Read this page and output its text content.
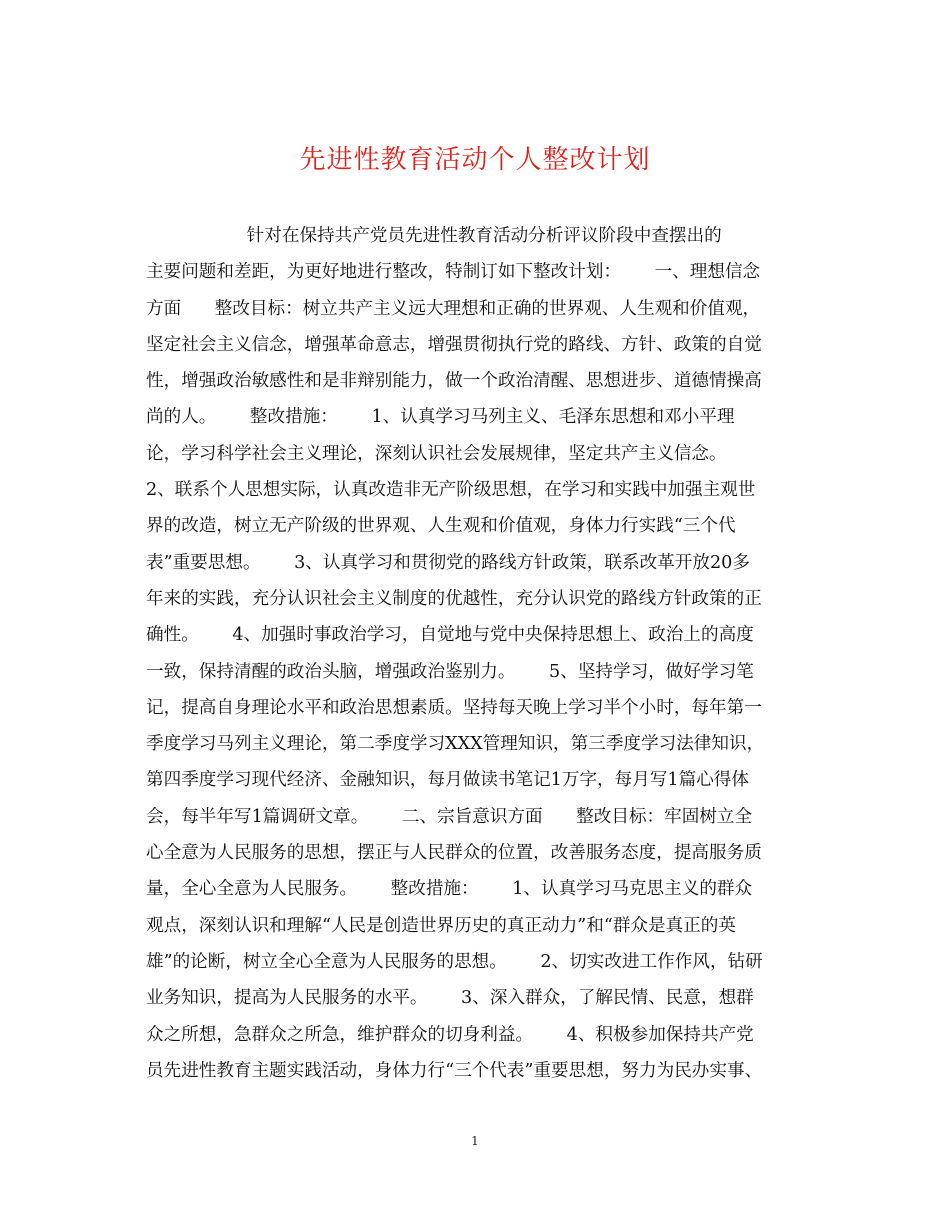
先进性教育活动个人整改计划
针对在保持共产党员先进性教育活动分析评议阶段中查摆出的
主要问题和差距，为更好地进行整改，特制订如下整改计划：      一、理想信念
方面      整改目标：树立共产主义远大理想和正确的世界观、人生观和价值观，
坚定社会主义信念，增强革命意志，增强贯彻执行党的路线、方针、政策的自觉
性，增强政治敏感性和是非辩别能力，做一个政治清醒、思想进步、道德情操高
尚的人。      整改措施：      1、认真学习马列主义、毛泽东思想和邓小平理
论，学习科学社会主义理论，深刻认识社会发展规律，坚定共产主义信念。
2、联系个人思想实际，认真改造非无产阶级思想，在学习和实践中加强主观世
界的改造，树立无产阶级的世界观、人生观和价值观，身体力行实践“三个代
表”重要思想。      3、认真学习和贯彻党的路线方针政策，联系改革开放20多
年来的实践，充分认识社会主义制度的优越性，充分认识党的路线方针政策的正
确性。      4、加强时事政治学习，自觉地与党中央保持思想上、政治上的高度
一致，保持清醒的政治头脑，增强政治鉴别力。      5、坚持学习，做好学习笔
记，提高自身理论水平和政治思想素质。坚持每天晚上学习半个小时，每年第一
季度学习马列主义理论，第二季度学习XXX管理知识，第三季度学习法律知识，
第四季度学习现代经济、金融知识，每月做读书笔记1万字，每月写1篇心得体
会，每半年写1篇调研文章。      二、宗旨意识方面      整改目标：牢固树立全
心全意为人民服务的思想，摆正与人民群众的位置，改善服务态度，提高服务质
量，全心全意为人民服务。      整改措施：      1、认真学习马克思主义的群众
观点，深刻认识和理解“人民是创造世界历史的真正动力”和“群众是真正的英
雄”的论断，树立全心全意为人民服务的思想。      2、切实改进工作作风，钻研
业务知识，提高为人民服务的水平。      3、深入群众，了解民情、民意，想群
众之所想，急群众之所急，维护群众的切身利益。      4、积极参加保持共产党
员先进性教育主题实践活动，身体力行“三个代表”重要思想，努力为民办实事、
1
